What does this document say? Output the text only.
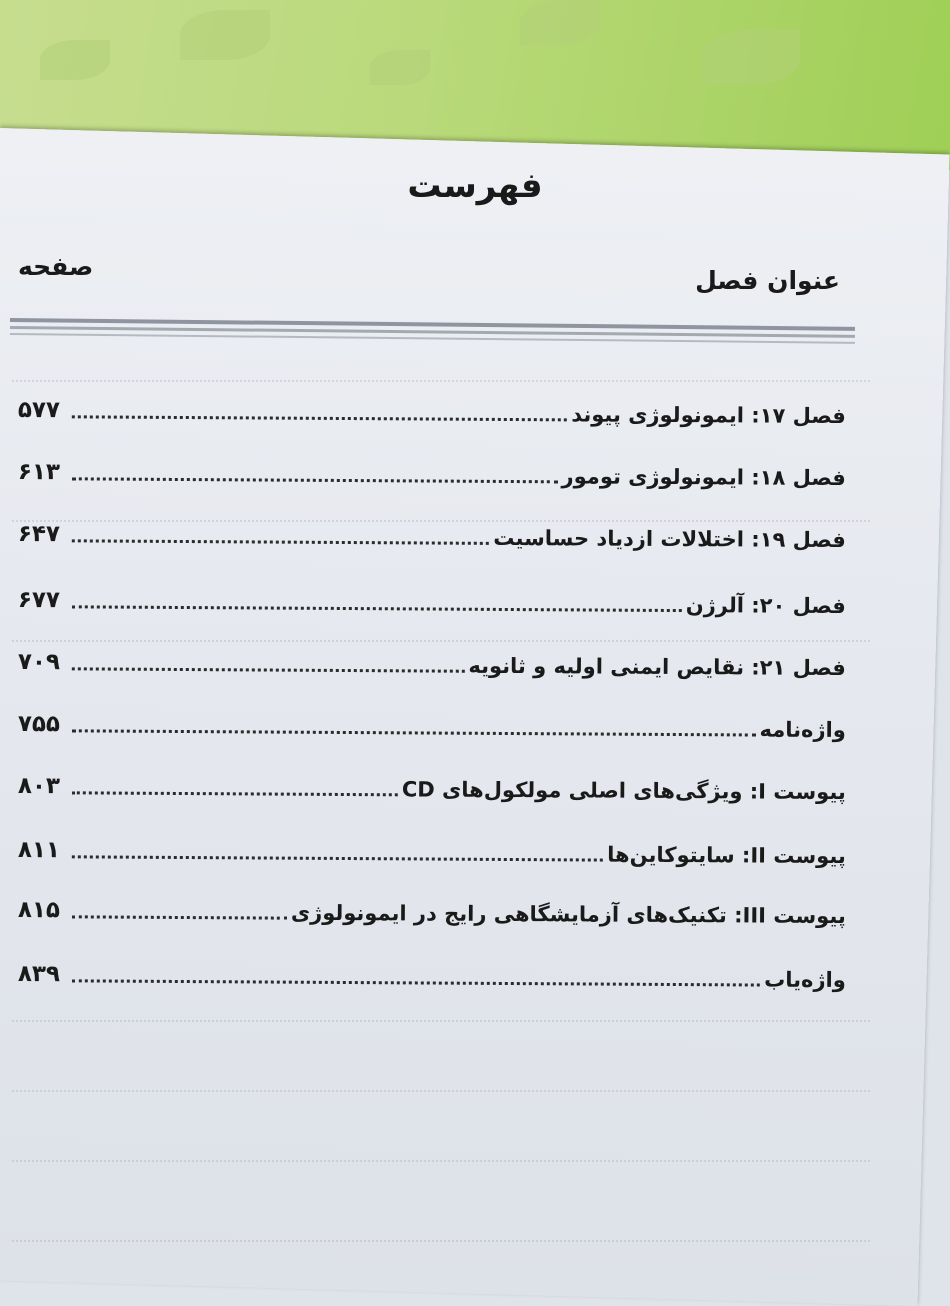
فهرست
صفحه	عنوان فصل
۵۷۷	فصل ۱۷: ایمونولوژی پیوند
۶۱۳	فصل ۱۸: ایمونولوژی تومور
۶۴۷	فصل ۱۹: اختلالات ازدیاد حساسیت
۶۷۷	فصل ۲۰: آلرژن
۷۰۹	فصل ۲۱: نقایص ایمنی اولیه و ثانویه
۷۵۵	واژه‌نامه
۸۰۳	پیوست I: ویژگی‌های اصلی مولکول‌های CD
۸۱۱	پیوست II: سایتوکاین‌ها
۸۱۵	پیوست III: تکنیک‌های آزمایشگاهی رایج در ایمونولوژی
۸۳۹	واژه‌یاب
